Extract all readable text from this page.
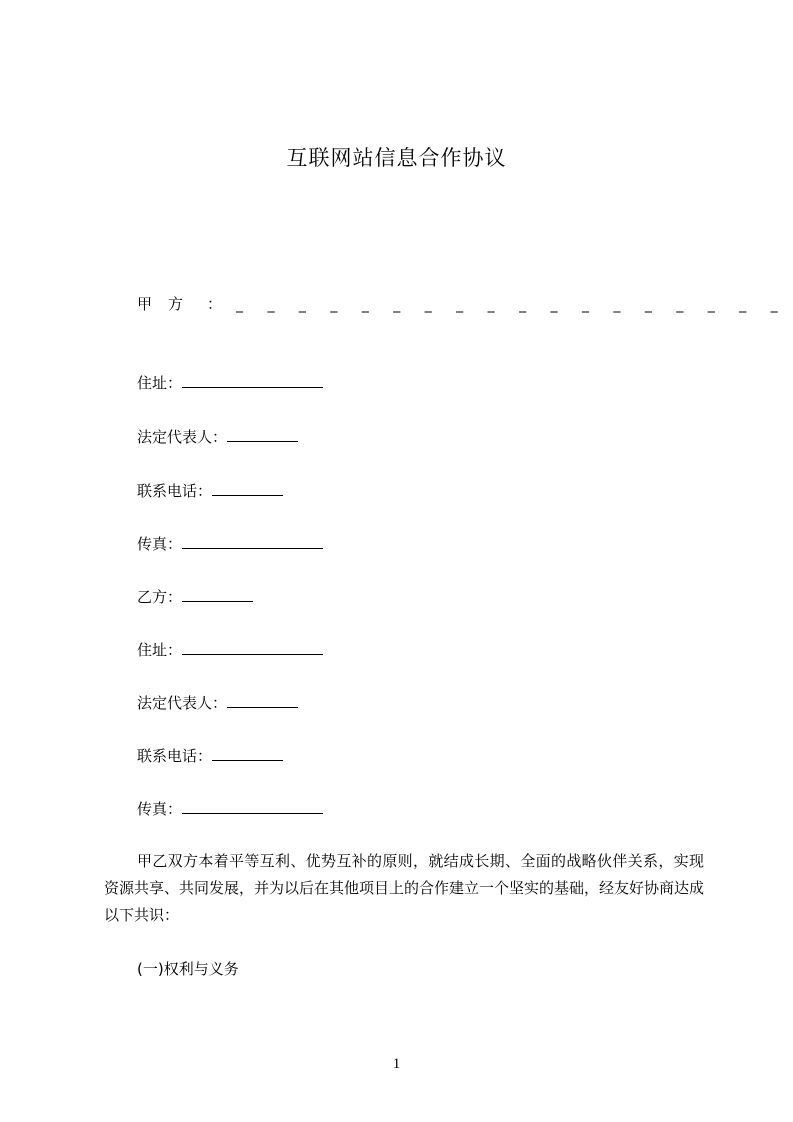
互联网站信息合作协议
甲方 ： _ _ _ _ _ _ _ _ _ _ _ _ _ _ _ _ _ _
住址：
法定代表人：
联系电话：
传真：
乙方：
住址：
法定代表人：
联系电话：
传真：

甲乙双方本着平等互利、优势互补的原则，就结成长期、全面的战略伙伴关系，实现资源共享、共同发展，并为以后在其他项目上的合作建立一个坚实的基础，经友好协商达成以下共识：

(一)权利与义务
1
